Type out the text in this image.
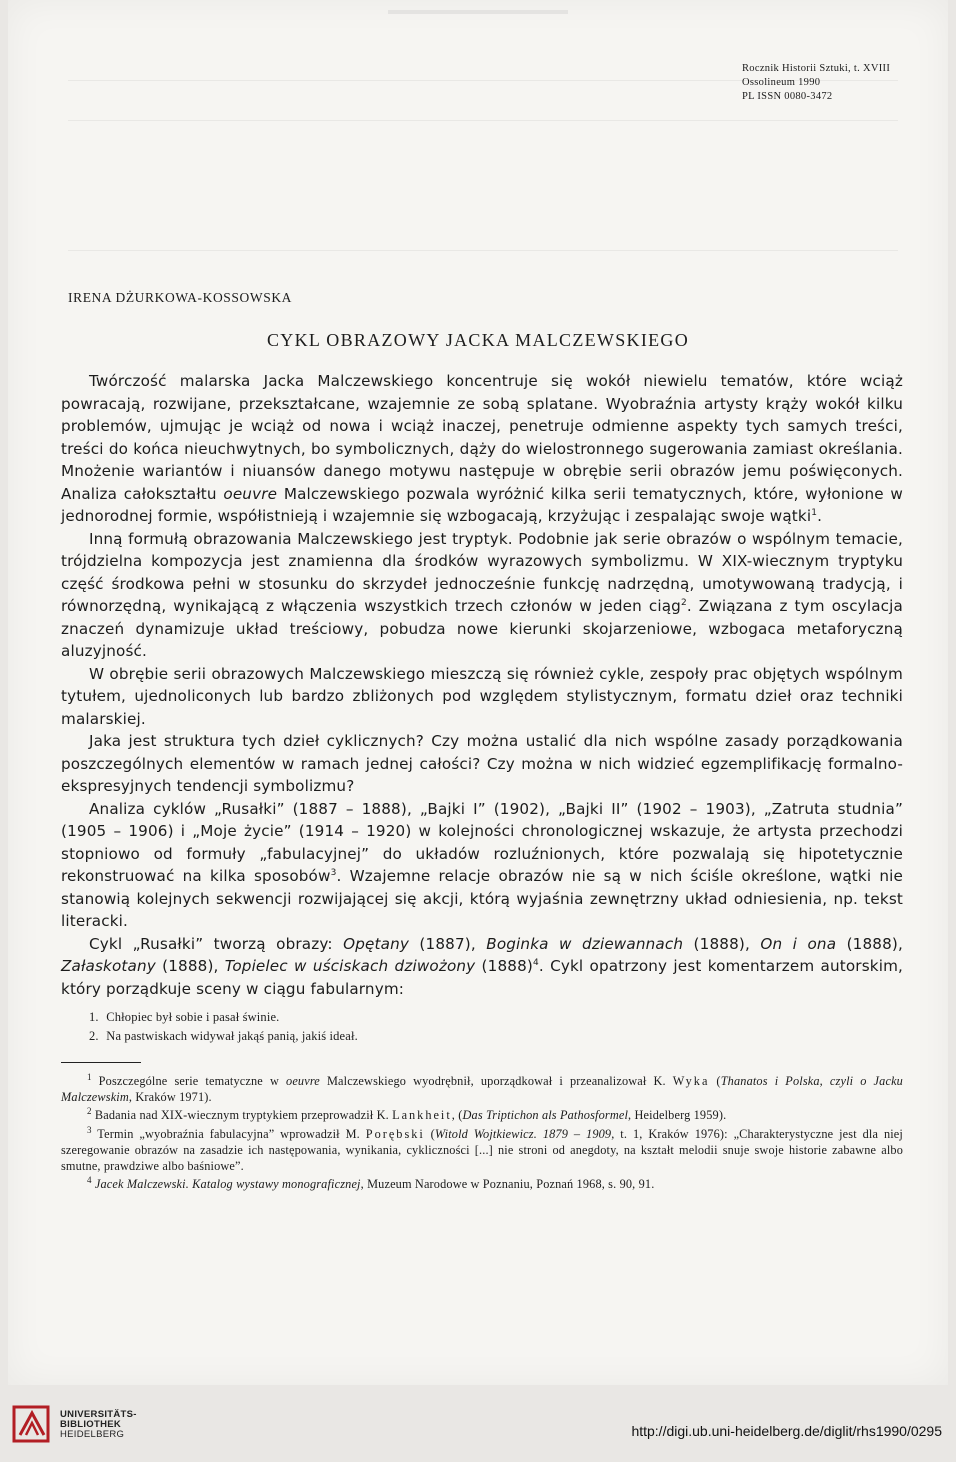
Rocznik Historii Sztuki, t. XVIII
Ossolineum 1990
PL ISSN 0080-3472
IRENA DŻURKOWA-KOSSOWSKA
CYKL OBRAZOWY JACKA MALCZEWSKIEGO

Twórczość malarska Jacka Malczewskiego koncentruje się wokół niewielu tematów, które wciąż powracają, rozwijane, przekształcane, wzajemnie ze sobą splatane. Wyobraźnia artysty krąży wokół kilku problemów, ujmując je wciąż od nowa i wciąż inaczej, penetruje odmienne aspekty tych samych treści, treści do końca nieuchwytnych, bo symbolicznych, dąży do wielostronnego sugerowania zamiast określania. Mnożenie wariantów i niuansów danego motywu następuje w obrębie serii obrazów jemu poświęconych. Analiza całokształtu oeuvre Malczewskiego pozwala wyróżnić kilka serii tematycznych, które, wyłonione w jednorodnej formie, współistnieją i wzajemnie się wzbogacają, krzyżując i zespalając swoje wątki$^1$.

Inną formułą obrazowania Malczewskiego jest tryptyk. Podobnie jak serie obrazów o wspólnym temacie, trójdzielna kompozycja jest znamienna dla środków wyrazowych symbolizmu. W XIX-wiecznym tryptyku część środkowa pełni w stosunku do skrzydeł jednocześnie funkcję nadrzędną, umotywowaną tradycją, i równorzędną, wynikającą z włączenia wszystkich trzech członów w jeden ciąg$^2$. Związana z tym oscylacja znaczeń dynamizuje układ treściowy, pobudza nowe kierunki skojarzeniowe, wzbogaca metaforyczną aluzyjność.

W obrębie serii obrazowych Malczewskiego mieszczą się również cykle, zespoły prac objętych wspólnym tytułem, ujednoliconych lub bardzo zbliżonych pod względem stylistycznym, formatu dzieł oraz techniki malarskiej.

Jaka jest struktura tych dzieł cyklicznych? Czy można ustalić dla nich wspólne zasady porządkowania poszczególnych elementów w ramach jednej całości? Czy można w nich widzieć egzemplifikację formalno-ekspresyjnych tendencji symbolizmu?

Analiza cyklów „Rusałki” (1887 – 1888), „Bajki I” (1902), „Bajki II” (1902 – 1903), „Zatruta studnia” (1905 – 1906) i „Moje życie” (1914 – 1920) w kolejności chronologicznej wskazuje, że artysta przechodzi stopniowo od formuły „fabulacyjnej” do układów rozluźnionych, które pozwalają się hipotetycznie rekonstruować na kilka sposobów$^3$. Wzajemne relacje obrazów nie są w nich ściśle określone, wątki nie stanowią kolejnych sekwencji rozwijającej się akcji, którą wyjaśnia zewnętrzny układ odniesienia, np. tekst literacki.

Cykl „Rusałki” tworzą obrazy: Opętany (1887), Boginka w dziewannach (1888), On i ona (1888), Załaskotany (1888), Topielec w uściskach dziwożony $(1888)^4$. Cykl opatrzony jest komentarzem autorskim, który porządkuje sceny w ciągu fabularnym:

1. Chłopiec był sobie i pasał świnie.
2. Na pastwiskach widywał jakąś panią, jakiś ideał.

$^1$ Poszczególne serie tematyczne w oeuvre Malczewskiego wyodrębnił, uporządkował i przeanalizował K. Wyka (Thanatos i Polska, czyli o Jacku Malczewskim, Kraków 1971).

$^2$ Badania nad XIX-wiecznym tryptykiem przeprowadził K. Lankheit, (Das Triptichon als Pathosformel, Heidelberg 1959).

$^3$ Termin „wyobraźnia fabulacyjna” wprowadził M. Porębski (Witold Wojtkiewicz. 1879 – 1909, t. 1, Kraków 1976): „Charakterystyczne jest dla niej szeregowanie obrazów na zasadzie ich następowania, wynikania, cykliczności [...] nie stroni od anegdoty, na kształt melodii snuje swoje historie zabawne albo smutne, prawdziwe albo baśniowe”.

$^4$ Jacek Malczewski. Katalog wystawy monograficznej, Muzeum Narodowe w Poznaniu, Poznań 1968, s. 90, 91.

UNIVERSITÄTS-
BIBLIOTHEK
HEIDELBERG	http://digi.ub.uni-heidelberg.de/diglit/rhs1990/0295
